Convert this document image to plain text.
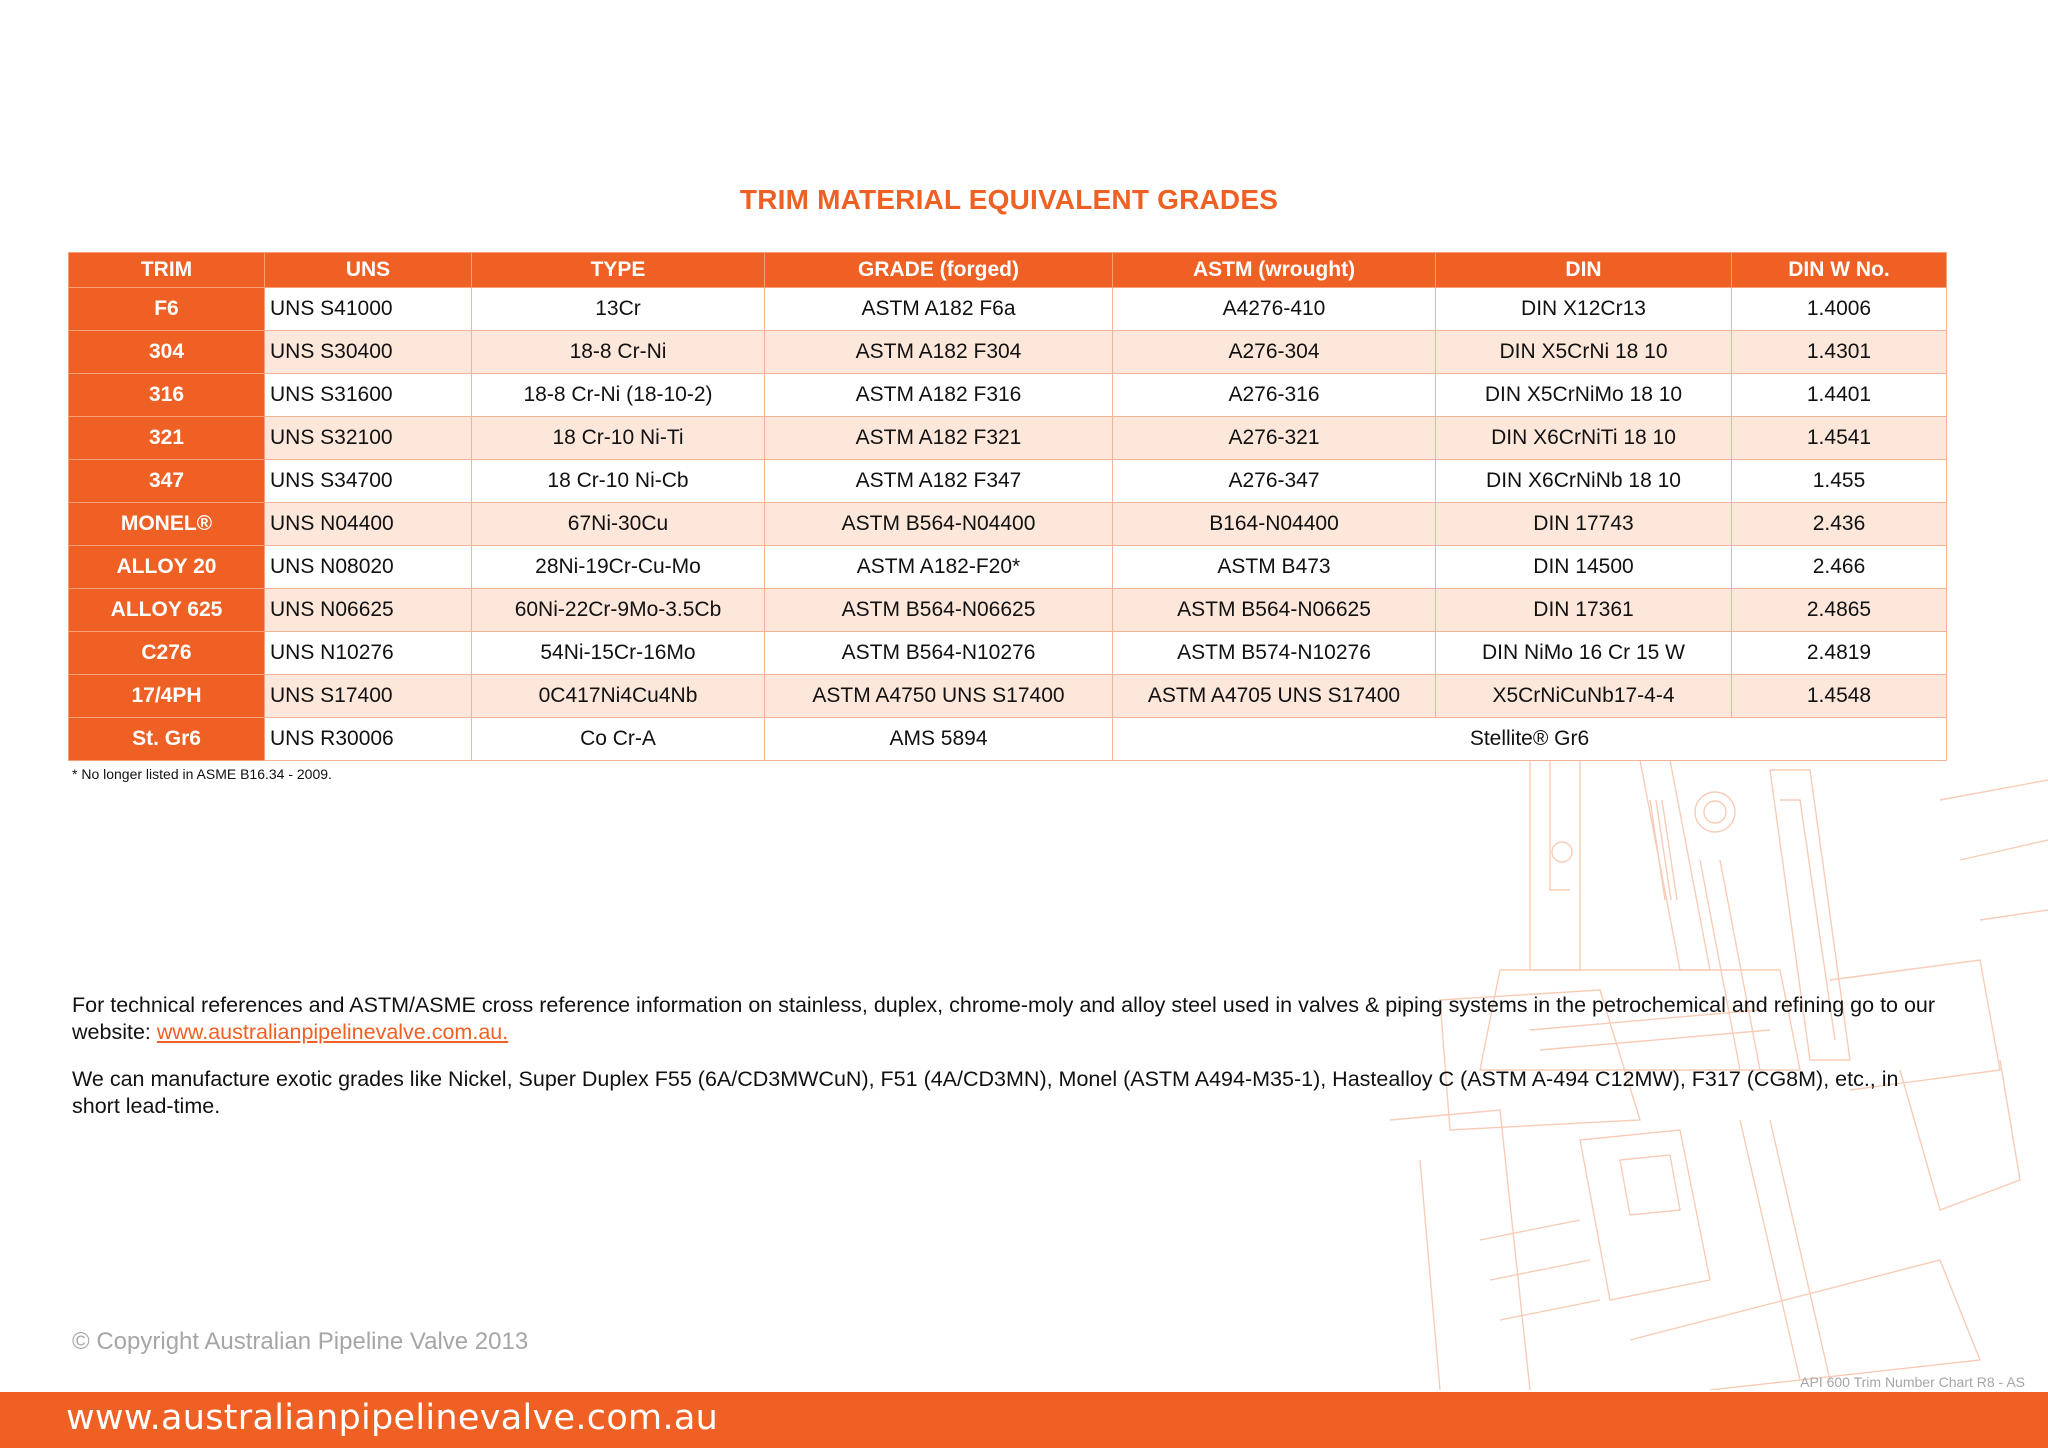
TRIM MATERIAL EQUIVALENT GRADES
TRIM	UNS	TYPE	GRADE (forged)	ASTM (wrought)	DIN	DIN W No.
F6	UNS S41000	13Cr	ASTM A182 F6a	A4276-410	DIN X12Cr13	1.4006
304	UNS S30400	18-8 Cr-Ni	ASTM A182 F304	A276-304	DIN X5CrNi 18 10	1.4301
316	UNS S31600	18-8 Cr-Ni (18-10-2)	ASTM A182 F316	A276-316	DIN X5CrNiMo 18 10	1.4401
321	UNS S32100	18 Cr-10 Ni-Ti	ASTM A182 F321	A276-321	DIN X6CrNiTi 18 10	1.4541
347	UNS S34700	18 Cr-10 Ni-Cb	ASTM A182 F347	A276-347	DIN X6CrNiNb 18 10	1.455
MONEL®	UNS N04400	67Ni-30Cu	ASTM B564-N04400	B164-N04400	DIN 17743	2.436
ALLOY 20	UNS N08020	28Ni-19Cr-Cu-Mo	ASTM A182-F20*	ASTM B473	DIN 14500	2.466
ALLOY 625	UNS N06625	60Ni-22Cr-9Mo-3.5Cb	ASTM B564-N06625	ASTM B564-N06625	DIN 17361	2.4865
C276	UNS N10276	54Ni-15Cr-16Mo	ASTM B564-N10276	ASTM B574-N10276	DIN NiMo 16 Cr 15 W	2.4819
17/4PH	UNS S17400	0C417Ni4Cu4Nb	ASTM A4750 UNS S17400	ASTM A4705 UNS S17400	X5CrNiCuNb17-4-4	1.4548
St. Gr6	UNS R30006	Co Cr-A	AMS 5894	Stellite® Gr6		
* No longer listed in ASME B16.34 - 2009.
For technical references and ASTM/ASME cross reference information on stainless, duplex, chrome-moly and alloy steel used in valves & piping systems in the petrochemical and refining go to our website: www.australianpipelinevalve.com.au.
We can manufacture exotic grades like Nickel, Super Duplex F55 (6A/CD3MWCuN), F51 (4A/CD3MN), Monel (ASTM A494-M35-1), Hastealloy C (ASTM A-494 C12MW), F317 (CG8M), etc., in short lead-time.
© Copyright Australian Pipeline Valve 2013
API 600 Trim Number Chart R8 - AS
www.australianpipelinevalve.com.au
